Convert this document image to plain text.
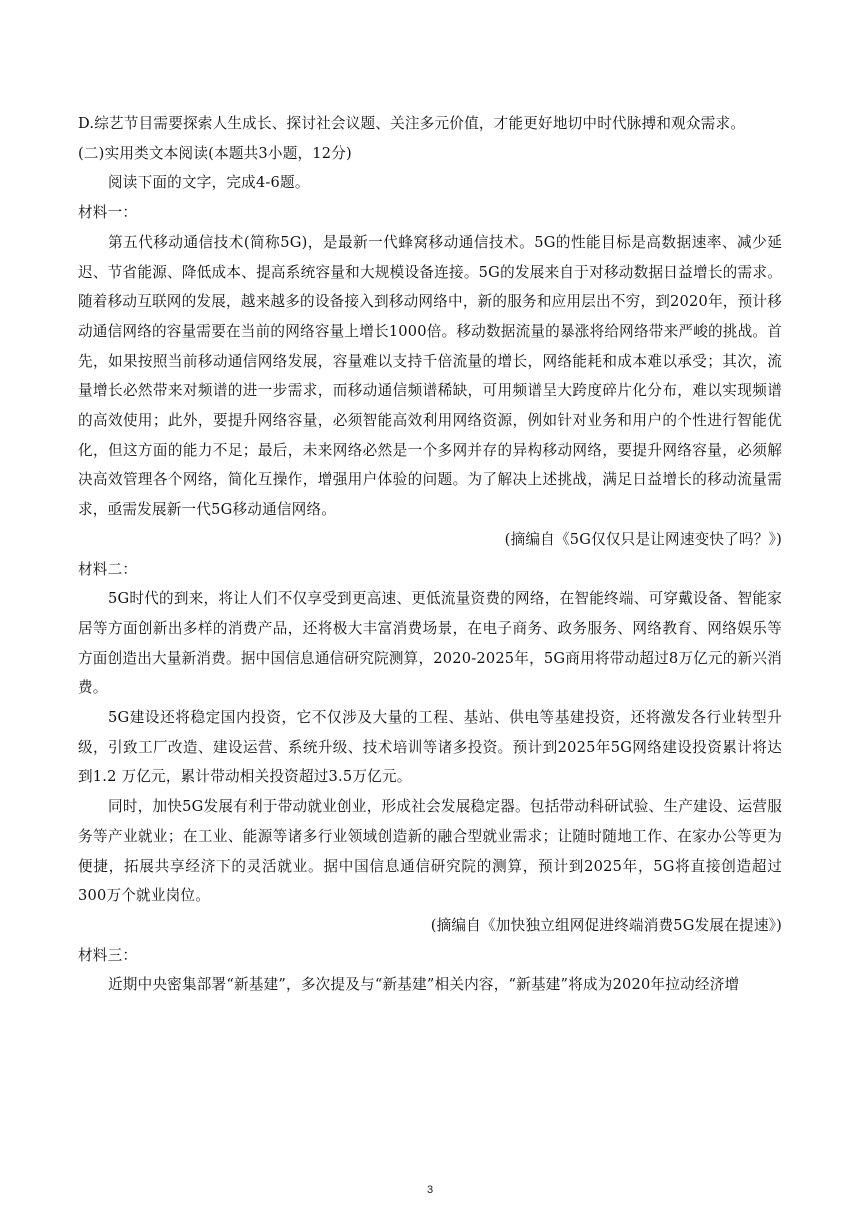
D.综艺节目需要探索人生成长、探讨社会议题、关注多元价值，才能更好地切中时代脉搏和观众需求。

(二)实用类文本阅读(本题共3小题，12分)

阅读下面的文字，完成4-6题。

材料一：

第五代移动通信技术(简称5G)，是最新一代蜂窝移动通信技术。5G的性能目标是高数据速率、减少延迟、节省能源、降低成本、提高系统容量和大规模设备连接。5G的发展来自于对移动数据日益增长的需求。随着移动互联网的发展，越来越多的设备接入到移动网络中，新的服务和应用层出不穷，到2020年，预计移动通信网络的容量需要在当前的网络容量上增长1000倍。移动数据流量的暴涨将给网络带来严峻的挑战。首先，如果按照当前移动通信网络发展，容量难以支持千倍流量的增长，网络能耗和成本难以承受；其次，流量增长必然带来对频谱的进一步需求，而移动通信频谱稀缺，可用频谱呈大跨度碎片化分布，难以实现频谱的高效使用；此外，要提升网络容量，必须智能高效利用网络资源，例如针对业务和用户的个性进行智能优化，但这方面的能力不足；最后，未来网络必然是一个多网并存的异构移动网络，要提升网络容量，必须解决高效管理各个网络，简化互操作，增强用户体验的问题。为了解决上述挑战，满足日益增长的移动流量需求，亟需发展新一代5G移动通信网络。

(摘编自《5G仅仅只是让网速变快了吗？》)

材料二：

5G时代的到来，将让人们不仅享受到更高速、更低流量资费的网络，在智能终端、可穿戴设备、智能家居等方面创新出多样的消费产品，还将极大丰富消费场景，在电子商务、政务服务、网络教育、网络娱乐等方面创造出大量新消费。据中国信息通信研究院测算，2020-2025年，5G商用将带动超过8万亿元的新兴消费。

5G建设还将稳定国内投资，它不仅涉及大量的工程、基站、供电等基建投资，还将激发各行业转型升级，引致工厂改造、建设运营、系统升级、技术培训等诸多投资。预计到2025年5G网络建设投资累计将达到1.2 万亿元，累计带动相关投资超过3.5万亿元。

同时，加快5G发展有利于带动就业创业，形成社会发展稳定器。包括带动科研试验、生产建设、运营服务等产业就业；在工业、能源等诸多行业领域创造新的融合型就业需求；让随时随地工作、在家办公等更为便捷，拓展共享经济下的灵活就业。据中国信息通信研究院的测算，预计到2025年，5G将直接创造超过300万个就业岗位。

(摘编自《加快独立组网促进终端消费5G发展在提速》)

材料三：

近期中央密集部署“新基建”，多次提及与“新基建”相关内容，“新基建”将成为2020年拉动经济增

3
